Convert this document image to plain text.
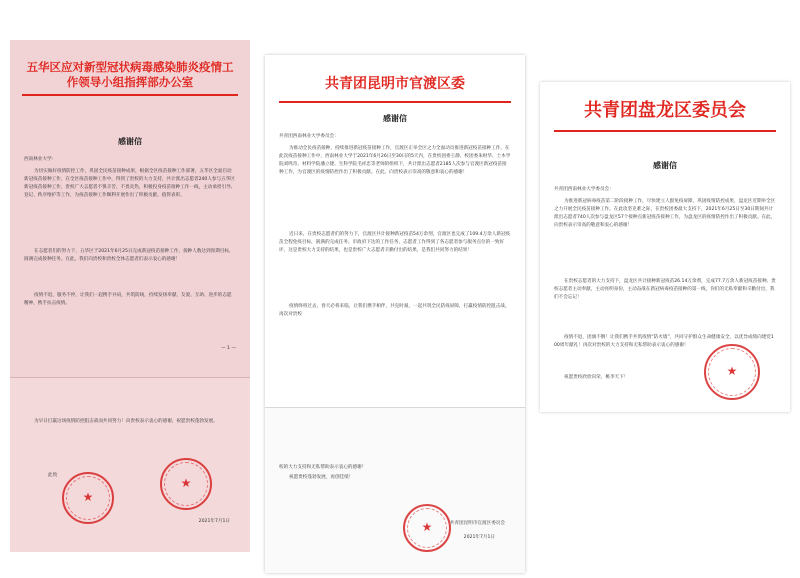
五华区应对新型冠状病毒感染肺炎疫情工作领导小组指挥部办公室
感谢信
西南林业大学：
为切实做好疫情防控工作，巩固全民疫苗接种成果，根据全区疫苗接种工作部署，五华区全面启动新冠疫苗接种工作，在全区疫苗接种工作中，得到了贵校的大力支持，共计派出志愿者240人参与五华区新冠疫苗接种工作，贵校广大志愿者不惧辛苦、不畏炎热，积极投身疫苗接种工作一线，主动承担引导、登记、秩序维护等工作，为疫苗接种工作顺利开展作出了积极贡献，值得表彰。
在志愿者们的努力下，五华区于2021年6月25日完成新冠疫苗接种工作，接种人数达到预期目标，圆满完成接种任务。在此，我们向贵校和贵校全体志愿者们表示衷心的感谢！
疫情不退，服务不停，让我们一起携手并肩，共筑防线，持续发扬奉献、友爱、互助、进步的志愿精神，携手抗击疫情。
— 1 —
为早日打赢这场疫情防控阻击战而共同努力！向贵校表示衷心的感谢，祝愿贵校蓬勃发展。
★
★
此致
2021年7月1日
共青团昆明市官渡区委
感谢信
共青团西南林业大学委员会：
为推动全民疫苗接种，持续推进新冠疫苗接种工作，官渡区正举全区之力全面动员推进新冠疫苗接种工作，在此次疫苗接种工作中，西南林业大学于2021年6月26日至30日的5天内，在贵校团委王静、校团委朱财华、土木学院刘鸣奇、材料学院潘立捷、生科学院毛祥忠等老师的组织下，共计派出志愿者2185人次参与官渡区新冠疫苗接种工作，为官渡区的疫情防控作出了积极贡献。在此，向贵校表示崇高的敬意和衷心的感谢！
近日来，在贵校志愿者们的努力下，官渡区共计接种新冠疫苗54万余剂，官渡区也完成了109.4万余人新冠疫苗全程免疫目标，圆满的完成任务。市政府下达的工作任务，志愿者工作得到了各志愿者参与服务点位的一致好评，这是贵校大力支持的结果，也是贵校广大志愿者辛勤付出的结果，是我们共同努力的结果！
疫情终将过去，春天必将来临，让我们携手相伴，共克时艰，一起共筑全民防疫屏障，打赢疫情防控阻击战。再次对贵校
校的大力支持和无私帮助表示衷心的感谢！
祝愿贵校蓬勃发展，再创佳绩！
★	共青团昆明市官渡区委员会
2021年7月1日
共青团盘龙区委员会
感谢信
共青团西南林业大学委员会：
为推进新冠病毒疫苗第二阶段接种工作，尽快建立人群免疫屏障，巩固疫情防控成果，盘龙区近期举全区之力开展全民疫苗接种工作。在此攻坚克难之际，在贵校团委最大支持下，2021年6月25日至30日期间共计派出志愿者740人次参与盘龙区57个接种点新冠疫苗接种工作，为盘龙区的疫情防控作出了积极贡献。在此，向贵校表示崇高的敬意和衷心的感谢！
在贵校志愿者的大力支持下，盘龙区共计接种新冠疫苗26.14万余剂，完成77.7万余人新冠疫苗接种。贵校志愿者主动奉献，主动亮明身份，主动奋战在新冠病毒疫苗接种的第一线，你们的无私奉献和辛勤付出，我们不会忘记！
疫情不退，团旗不倒！让我们携手共筑疫情“防火墙”，共同守护群众生命健康安全，以优异成绩向建党100周年献礼！再次对贵校的大力支持和无私帮助表示衷心的感谢！
祝愿贵校欣欣向荣，桃李天下！	★
